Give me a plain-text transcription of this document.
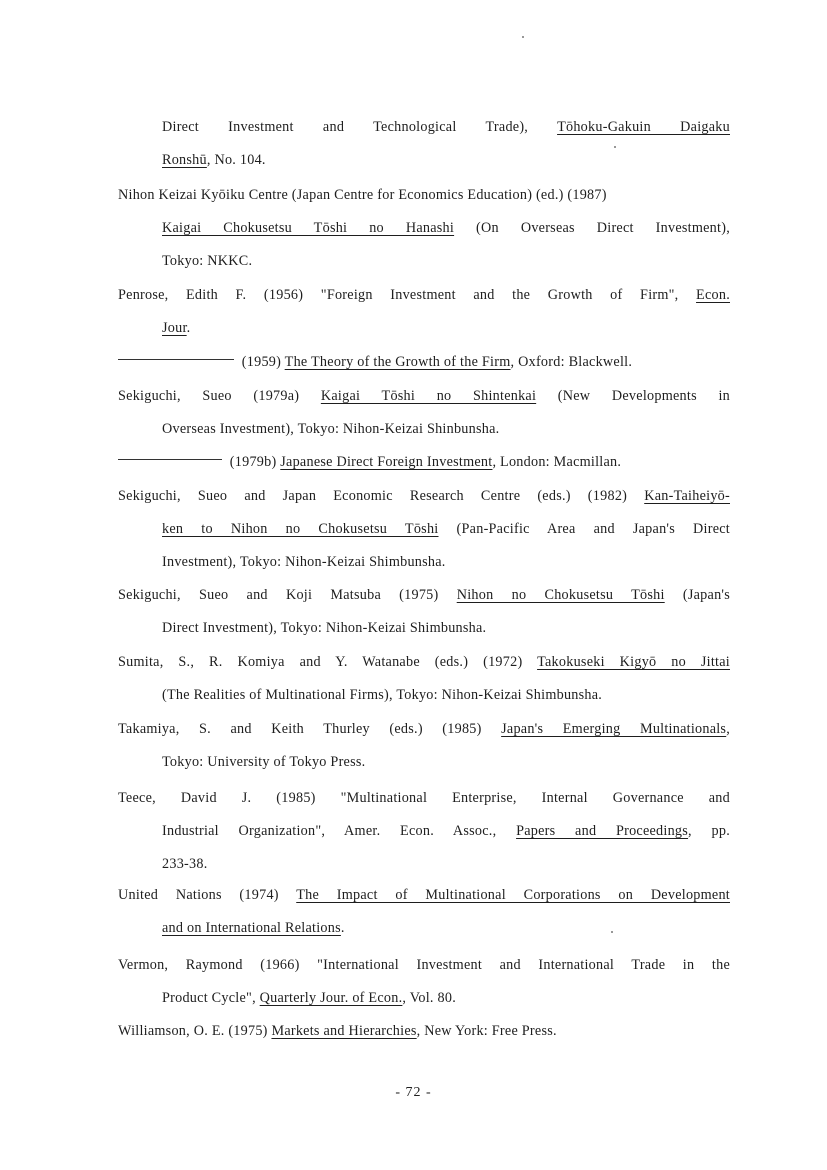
Direct Investment and Technological Trade), Tōhoku-Gakuin Daigaku
Ronshū, No. 104.
Nihon Keizai Kyōiku Centre (Japan Centre for Economics Education) (ed.) (1987)
Kaigai Chokusetsu Tōshi no Hanashi (On Overseas Direct Investment),
Tokyo: NKKC.
Penrose, Edith F. (1956) "Foreign Investment and the Growth of Firm", Econ.
Jour.
(1959) The Theory of the Growth of the Firm, Oxford: Blackwell.
Sekiguchi, Sueo (1979a) Kaigai Tōshi no Shintenkai (New Developments in
Overseas Investment), Tokyo: Nihon-Keizai Shinbunsha.
(1979b) Japanese Direct Foreign Investment, London: Macmillan.
Sekiguchi, Sueo and Japan Economic Research Centre (eds.) (1982) Kan-Taiheiyō-
ken to Nihon no Chokusetsu Tōshi (Pan-Pacific Area and Japan's Direct
Investment), Tokyo: Nihon-Keizai Shimbunsha.
Sekiguchi, Sueo and Koji Matsuba (1975) Nihon no Chokusetsu Tōshi (Japan's
Direct Investment), Tokyo: Nihon-Keizai Shimbunsha.
Sumita, S., R. Komiya and Y. Watanabe (eds.) (1972) Takokuseki Kigyō no Jittai
(The Realities of Multinational Firms), Tokyo: Nihon-Keizai Shimbunsha.
Takamiya, S. and Keith Thurley (eds.) (1985) Japan's Emerging Multinationals,
Tokyo: University of Tokyo Press.
Teece, David J. (1985) "Multinational Enterprise, Internal Governance and
Industrial Organization", Amer. Econ. Assoc., Papers and Proceedings, pp.
233-38.
United Nations (1974) The Impact of Multinational Corporations on Development
and on International Relations.
Vermon, Raymond (1966) "International Investment and International Trade in the
Product Cycle", Quarterly Jour. of Econ., Vol. 80.
Williamson, O. E. (1975) Markets and Hierarchies, New York: Free Press.
- 72 -
